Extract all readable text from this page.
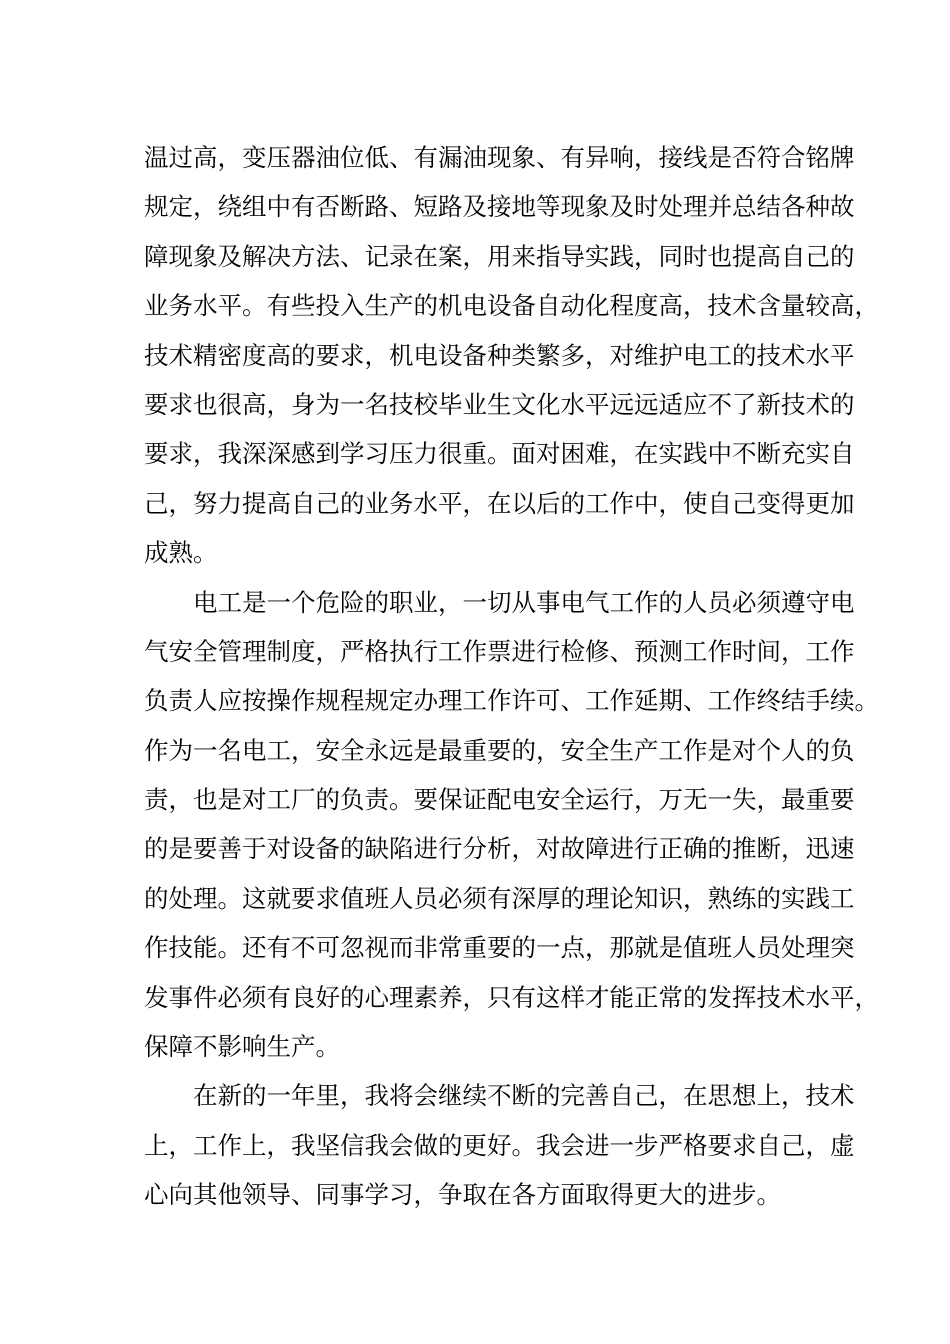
温过高，变压器油位低、有漏油现象、有异响，接线是否符合铭牌
规定，绕组中有否断路、短路及接地等现象及时处理并总结各种故
障现象及解决方法、记录在案，用来指导实践，同时也提高自己的
业务水平。有些投入生产的机电设备自动化程度高，技术含量较高，
技术精密度高的要求，机电设备种类繁多，对维护电工的技术水平
要求也很高，身为一名技校毕业生文化水平远远适应不了新技术的
要求，我深深感到学习压力很重。面对困难，在实践中不断充实自
己，努力提高自己的业务水平，在以后的工作中，使自己变得更加
成熟。
电工是一个危险的职业，一切从事电气工作的人员必须遵守电
气安全管理制度，严格执行工作票进行检修、预测工作时间，工作
负责人应按操作规程规定办理工作许可、工作延期、工作终结手续。
作为一名电工，安全永远是最重要的，安全生产工作是对个人的负
责，也是对工厂的负责。要保证配电安全运行，万无一失，最重要
的是要善于对设备的缺陷进行分析，对故障进行正确的推断，迅速
的处理。这就要求值班人员必须有深厚的理论知识，熟练的实践工
作技能。还有不可忽视而非常重要的一点，那就是值班人员处理突
发事件必须有良好的心理素养，只有这样才能正常的发挥技术水平，
保障不影响生产。
在新的一年里，我将会继续不断的完善自己，在思想上，技术
上，工作上，我坚信我会做的更好。我会进一步严格要求自己，虚
心向其他领导、同事学习，争取在各方面取得更大的进步。
